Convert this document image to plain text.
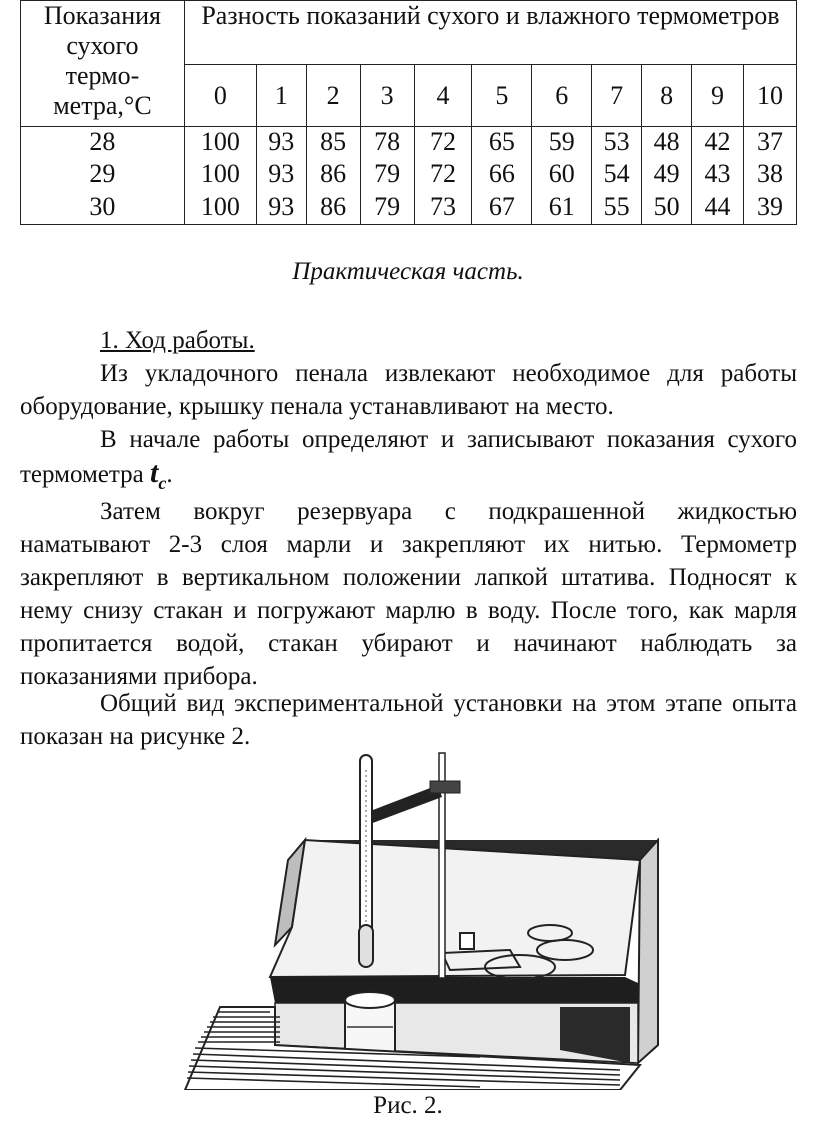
Показания
сухого
термо-
метра,°С	Разность показаний сухого и влажного термометров										
	0	1	2	3	4	5	6	7	8	9	10
28	100	93	85	78	72	65	59	53	48	42	37
29	100	93	86	79	72	66	60	54	49	43	38
30	100	93	86	79	73	67	61	55	50	44	39
Практическая часть.
1. Ход работы.
Из укладочного пенала извлекают необходимое для работы оборудование, крышку пенала устанавливают на место.
В начале работы определяют и записывают показания сухого термометра $t_c$.
Затем вокруг резервуара с подкрашенной жидкостью наматывают 2-3 слоя марли и закрепляют их нитью. Термометр закрепляют в вертикальном положении лапкой штатива. Подносят к нему снизу стакан и погружают марлю в воду. После того, как марля пропитается водой, стакан убирают и начинают наблюдать за показаниями прибора.
Общий вид экспериментальной установки на этом этапе опыта показан на рисунке 2.
Рис. 2.
